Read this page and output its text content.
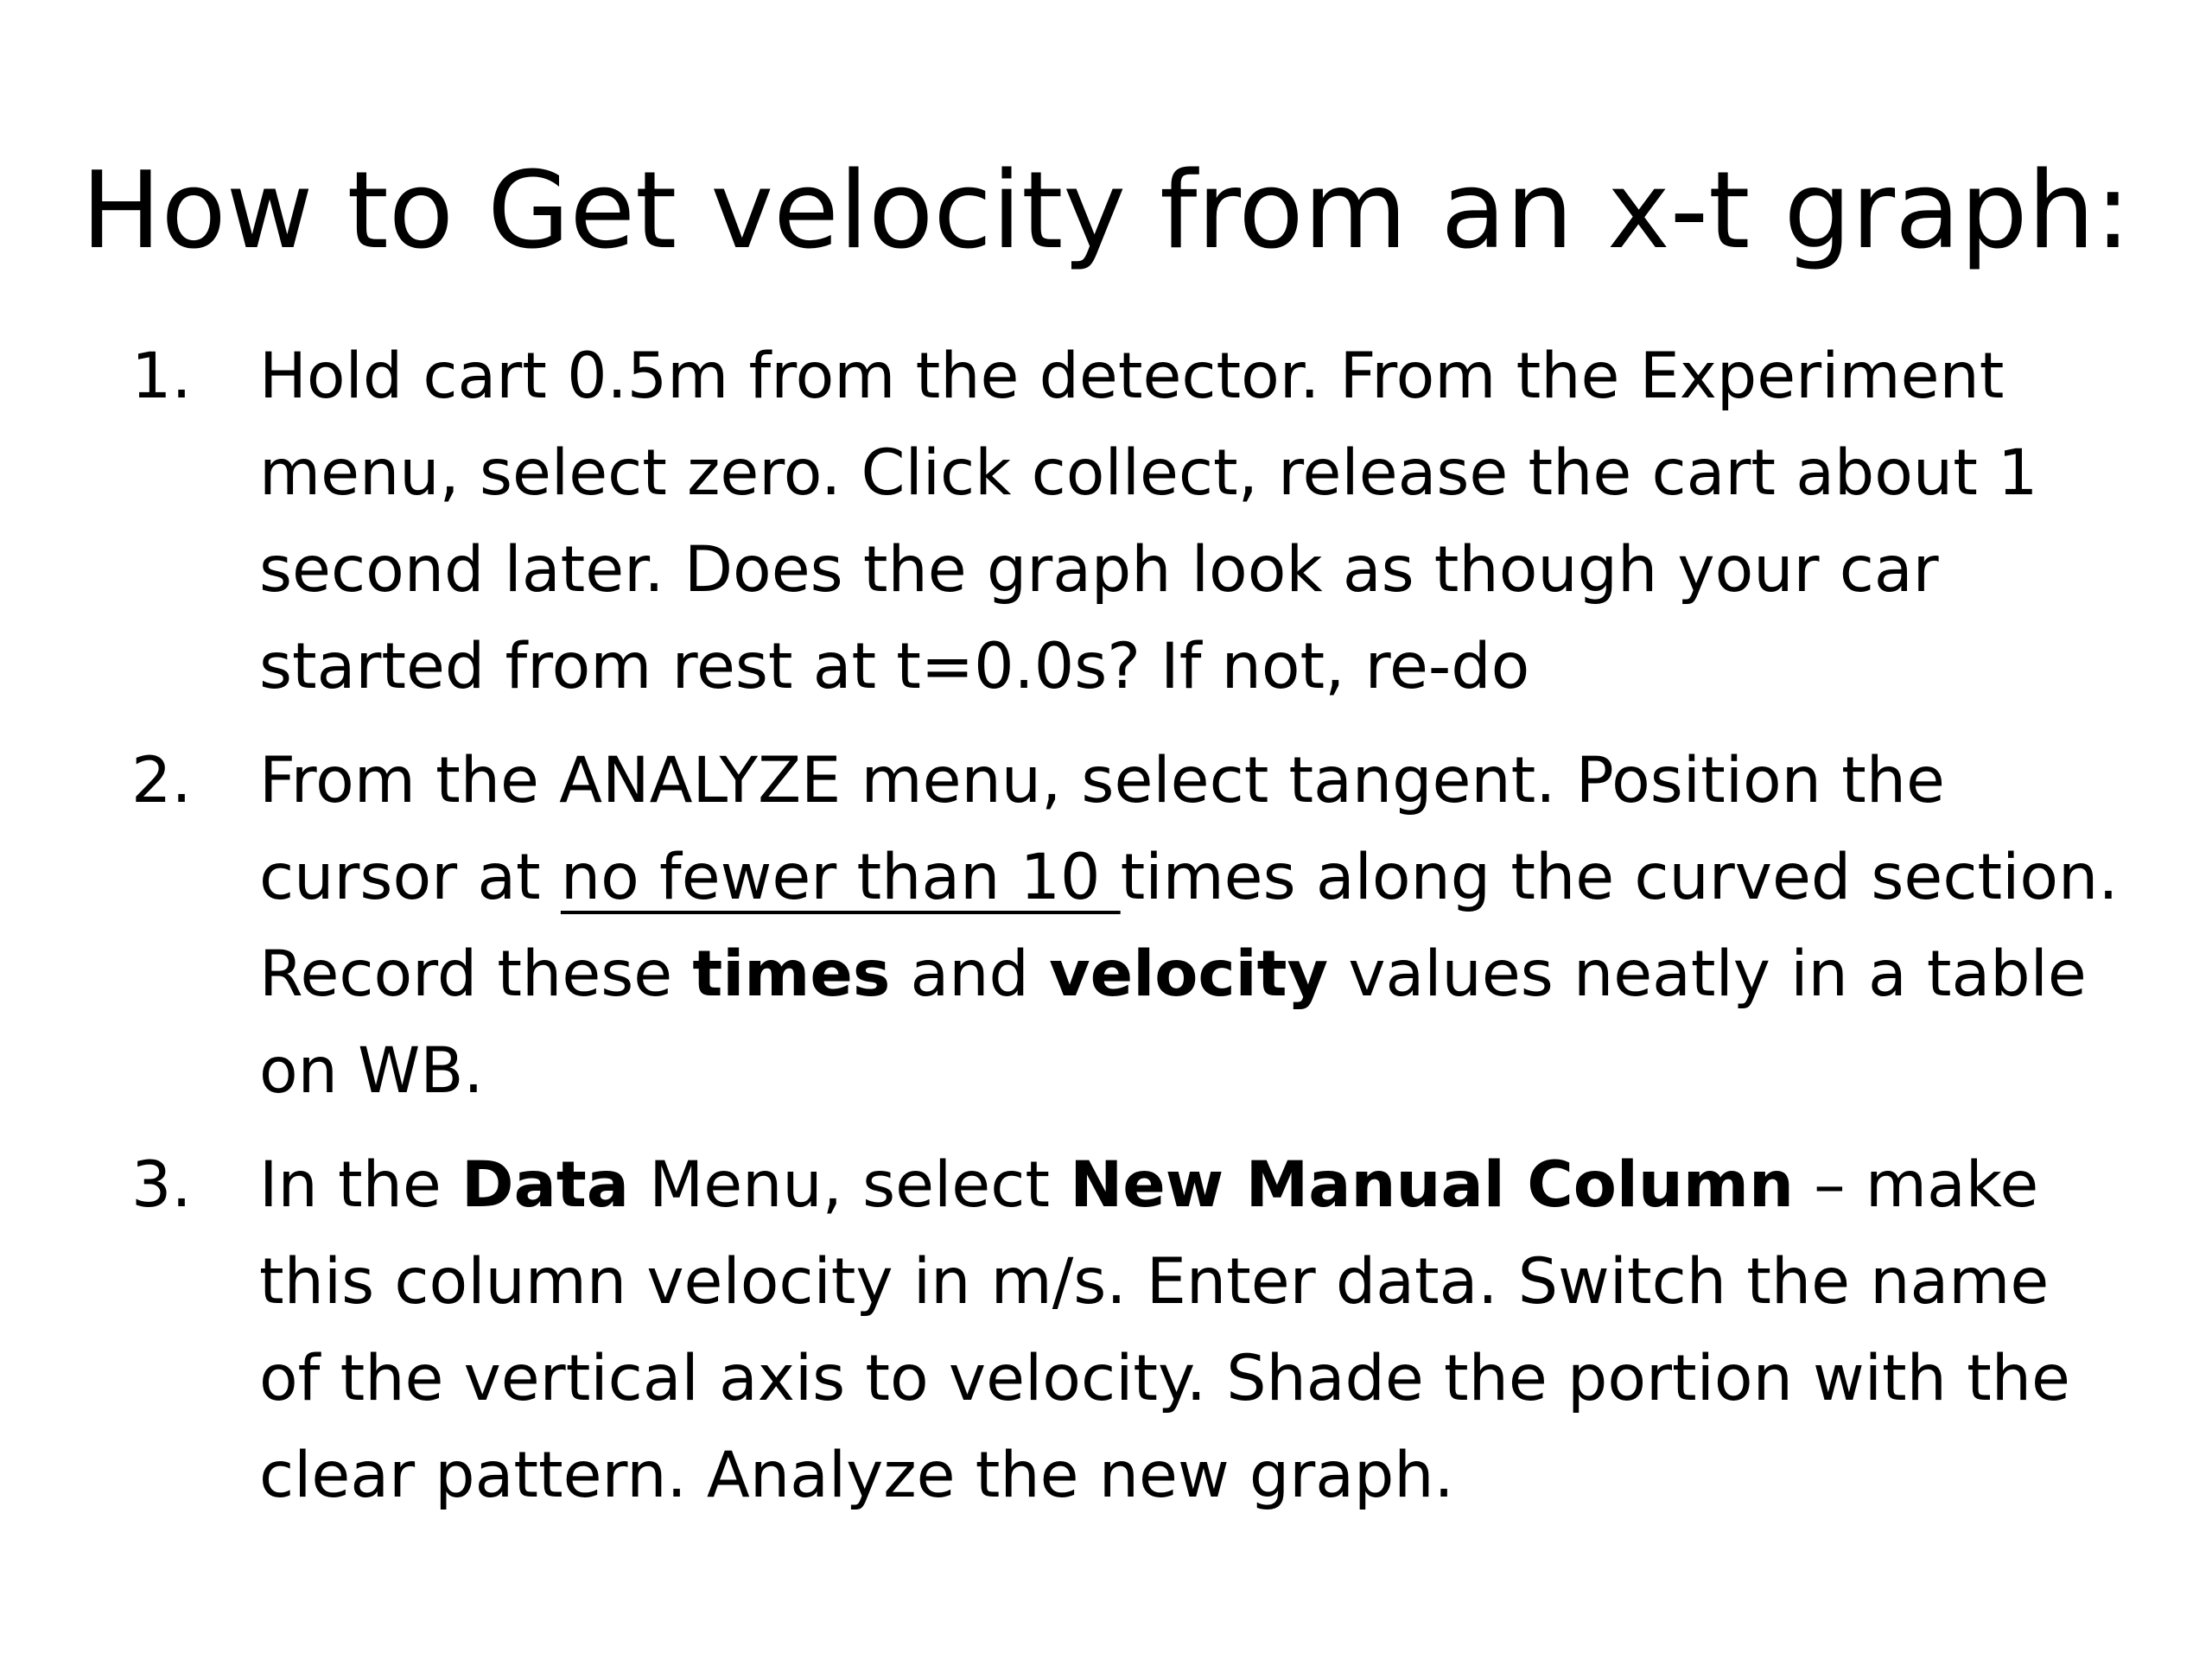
How to Get velocity from an x-t graph:
1. Hold cart 0.5m from the detector. From the Experiment menu, select zero. Click collect, release the cart about 1 second later. Does the graph look as though your car started from rest at t=0.0s? If not, re-do
2. From the ANALYZE menu, select tangent. Position the cursor at no fewer than 10 times along the curved section. Record these times and velocity values neatly in a table on WB.
3. In the Data Menu, select New Manual Column – make this column velocity in m/s. Enter data. Switch the name of the vertical axis to velocity. Shade the portion with the clear pattern. Analyze the new graph.
